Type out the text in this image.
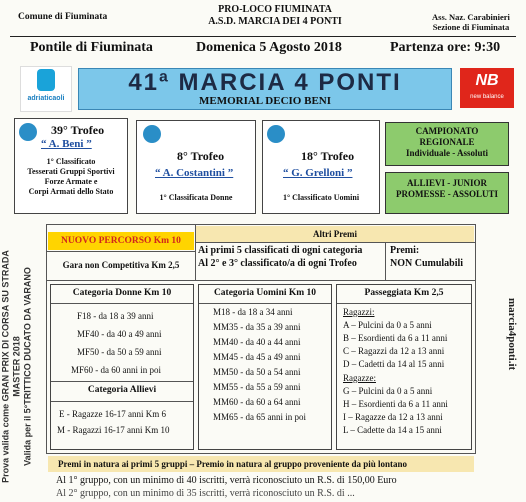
Comune di Fiuminata
PRO-LOCO FIUMINATA
A.S.D. MARCIA DEI 4 PONTI	Ass. Naz. Carabinieri
Sezione di Fiuminata
Pontile di Fiuminata	Domenica 5 Agosto 2018	Partenza ore: 9:30
adriaticaoli
41ª MARCIA 4 PONTI
MEMORIAL DECIO BENI
NB
new balance
39° Trofeo
“ A. Beni ”
1° Classificato
Tesserati Gruppi Sportivi
Forze Armate e
Corpi Armati dello Stato
8° Trofeo
“ A. Costantini ”
1° Classificata Donne
18° Trofeo
“ G. Grelloni ”
1° Classificato Uomini
CAMPIONATO
REGIONALE
Individuale - Assoluti
ALLIEVI - JUNIOR
PROMESSE - ASSOLUTI
NUOVO PERCORSO Km 10
Altri Premi
Gara non Competitiva Km 2,5
Ai primi 5 classificati di ogni categoria
Al 2° e 3° classificato/a di ogni Trofeo
Premi:
NON Cumulabili
Categoria Donne Km 10
F18 - da 18 a 39 anni
MF40 - da 40 a 49 anni
MF50 - da 50 a 59 anni
MF60 - da 60 anni in poi
Categoria Allievi
E - Ragazze 16-17 anni Km 6
M - Ragazzi 16-17 anni Km 10
Categoria Uomini Km 10
M18 - da 18 a 34 anni
MM35 - da 35 a 39 anni
MM40 - da 40 a 44 anni
MM45 - da 45 a 49 anni
MM50 - da 50 a 54 anni
MM55 - da 55 a 59 anni
MM60 - da 60 a 64 anni
MM65 - da 65 anni in poi
Passeggiata Km 2,5
Ragazzi:
A – Pulcini da 0 a 5 anni
B – Esordienti da 6 a 11 anni
C – Ragazzi da 12 a 13 anni
D – Cadetti da 14 al 15 anni
Ragazze:
G – Pulcini da 0 a 5 anni
H – Esordienti da 6 a 11 anni
I – Ragazze da 12 a 13 anni
L – Cadette da 14 a 15 anni
Prova valida come GRAN PRIX DI CORSA SU STRADA MASTER 2018 Valida per il 5°TRITTICO DUCATO DA VARANO	marcia4ponti.it
Premi in natura ai primi 5 gruppi – Premio in natura al gruppo proveniente da più lontano
Al 1° gruppo, con un minimo di 40 iscritti, verrà riconosciuto un R.S. di 150,00 Euro
Al 2° gruppo, con un minimo di 35 iscritti, verrà riconosciuto un R.S. di ...
